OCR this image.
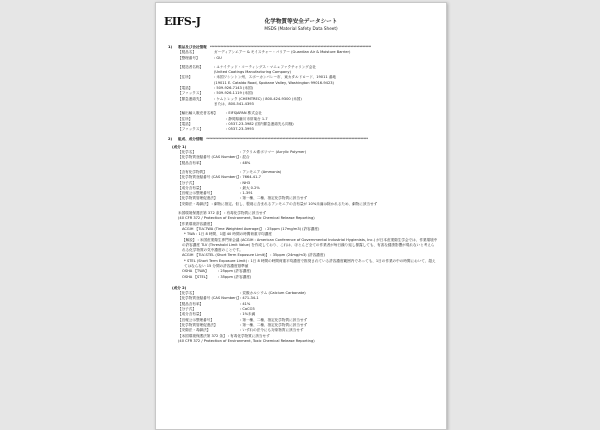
EIFS-J	化学物質等安全データシート
MSDS (Material Safety Data Sheet)
1)	製品及び会社情報 ************************************************************************************************************
【製品名】	ガーディアンエアー & モイスチャー・バリアー (Guardian Air & Moisture Barrier)
【整理番号】	: GU
【製造者名称】	: ユナイテッド・コーティングス・マニュファクチャリング会社
(United Coatings Manufacturing Company)
【住所】	: 米国ワシントン州、スポーカンバレー市、東カタルドロード、19011 番地
(19011 E. Cataldo Road, Spokane Valley, Washington 99016-9423)
【電話】	: 509-926-7143 (米国)
【ファックス】	: 509-926-1119 (米国)
【緊急連絡先】	: ケムトレック (CHEMTREC) / 800-424-9300 (米国)
または、800-541-4393
【輸出輸入販売者名称】	: EIFSJAPAN 株式会社
【住所】	: 静岡県藤川市常葉台 1-7
【電話】	: 0537-23-3982 (国内緊急連絡先も同様)
【ファックス】	: 0537-23-3993
2)	組成、成分情報 ************************************************************************************************************
(成分 1)
【化学名】	: アクリル系ポリマー (Acrylic Polymer)
【化学物質登録番号 (CAS Number)】 : 混合
【製品含有率】	: 48%
【含有化学物質】	: アンモニア (Ammonia)
【化学物質登録番号 (CAS Number)】 : 7664-41-7
【分子式】	: NH3
【成分含有量】	: 最大 0.2%
【官報公示整理番号】	: 1-391
【化学物質管理促進法】	: 第一種、二種、指定化学物質に該当せず
【安衛法・毒劇法】 : 劇物に指定。但し、製剤に含まれるアンモニアの含有量が 10%未満は除かれるため、劇物に該当せず
米国環境保護法第 372 条】 : 有毒化学物質に該当せず
(40 CFR 372 / Protection of Environment, Toxic Chemical Release Reporting)
【作業環境許容濃度】
ACGIH 【TLV-TWA (Time Weighted Average)】 : 25ppm (17mg/m3) (許容濃度)
* TWA : 1日 8 時間、1週 40 時間の時間荷重平均濃度
【解説】 : 米国産業衛生専門家会議 (ACGIH : American Conference of Governmental Industrial Hygienists, Inc.) が日本産業衛生学会では、作業環境中の許容濃度 TLV (Threshold Limit Value) を作成しており、これは、ほとんど全ての作業者が毎日繰り返し暴露しても、有害な健康影響が現れないと考えられる化学物質の気中濃度のことです。
ACGIH 【TLV-STEL (Short Term Exposure Limit)】 : 35ppm (24mg/m3) (許容濃度)
* STEL (Short Term Exposure Limit) : 1日 8 時間の時間荷重平均濃度で推奨されている許容濃度範囲内であっても、1日の作業の中の時間において、超えてはならない 15 分間の許容濃度基準値
OSHA 【TWA】	: 25ppm (許容濃度)
OSHA 【STEL】	: 35ppm (許容濃度)
(成分 2)
【化学名】	: 炭酸カルシウム (Calcium Carbonate)
【化学物質登録番号 (CAS Number)】 : 471-34-1
【製品含有率】	: 41%
【分子式】	: CaCO3
【成分含有量】	: 1%未満
【官報公示整理番号】	: 第一種、二種、指定化学物質に該当せず
【化学物質管理促進法】	: 第一種、二種、指定化学物質に該当せず
【安衛法・毒劇法】	: いずれの法令にも対象物質に該当せず
【米国環境保護法第 372 条】 : 有毒化学物質に該当せず
(40 CFR 372 / Protection of Environment, Toxic Chemical Release Reporting)
